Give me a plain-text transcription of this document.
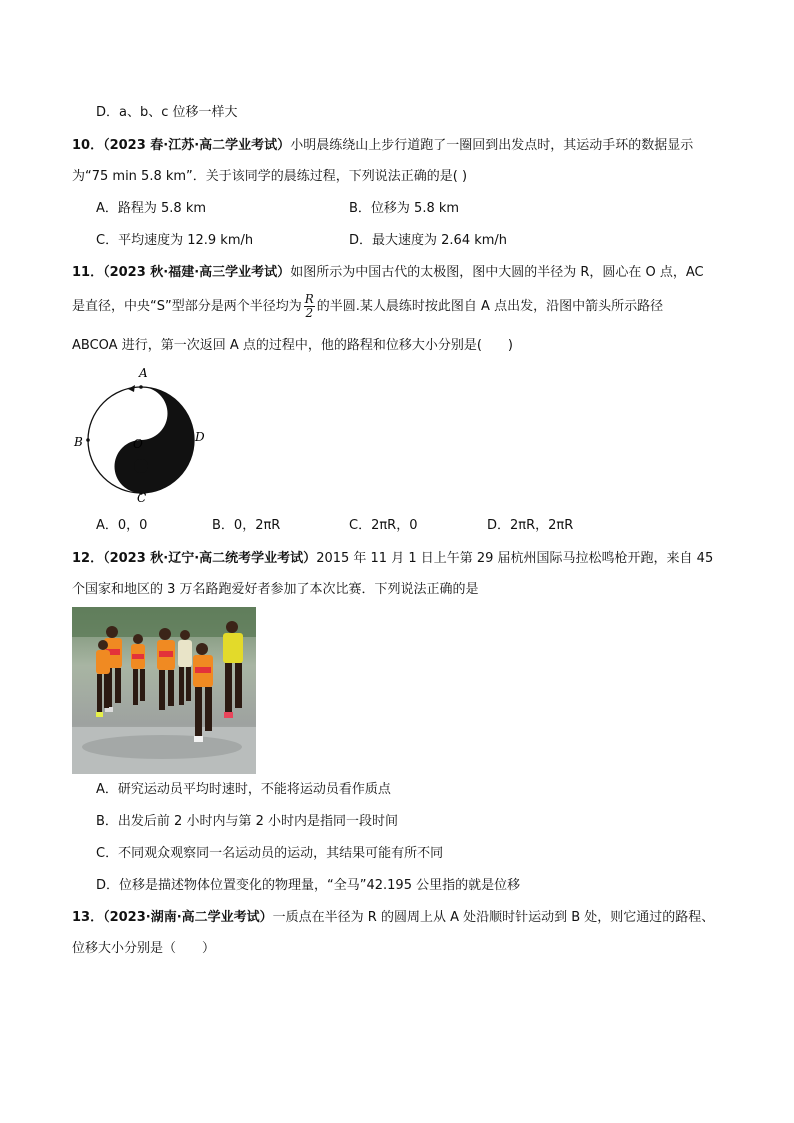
D．a、b、c 位移一样大
10．（2023 春·江苏·高二学业考试）小明晨练绕山上步行道跑了一圈回到出发点时，其运动手环的数据显示
为“75 min 5.8 km”．关于该同学的晨练过程，下列说法正确的是( )
A．路程为 5.8 km	B．位移为 5.8 km
C．平均速度为 12.9 km/h	D．最大速度为 2.64 km/h
11．（2023 秋·福建·高三学业考试）如图所示为中国古代的太极图，图中大圆的半径为 R，圆心在 O 点，AC
是直径，中央“S”型部分是两个半径均为 $\frac{R}{2}$ 的半圆.某人晨练时按此图自 A 点出发，沿图中箭头所示路径
ABCOA 进行，第一次返回 A 点的过程中，他的路程和位移大小分别是(　　)
A
B
C
D
O
A．0，0	B．0，2πR	C．2πR，0	D．2πR，2πR
12．（2023 秋·辽宁·高二统考学业考试）2015 年 11 月 1 日上午第 29 届杭州国际马拉松鸣枪开跑，来自 45
个国家和地区的 3 万名路跑爱好者参加了本次比赛．下列说法正确的是
A．研究运动员平均时速时，不能将运动员看作质点
B．出发后前 2 小时内与第 2 小时内是指同一段时间
C．不同观众观察同一名运动员的运动，其结果可能有所不同
D．位移是描述物体位置变化的物理量，“全马”42.195 公里指的就是位移
13．（2023·湖南·高二学业考试）一质点在半径为 R 的圆周上从 A 处沿顺时针运动到 B 处，则它通过的路程、
位移大小分别是（　　）
